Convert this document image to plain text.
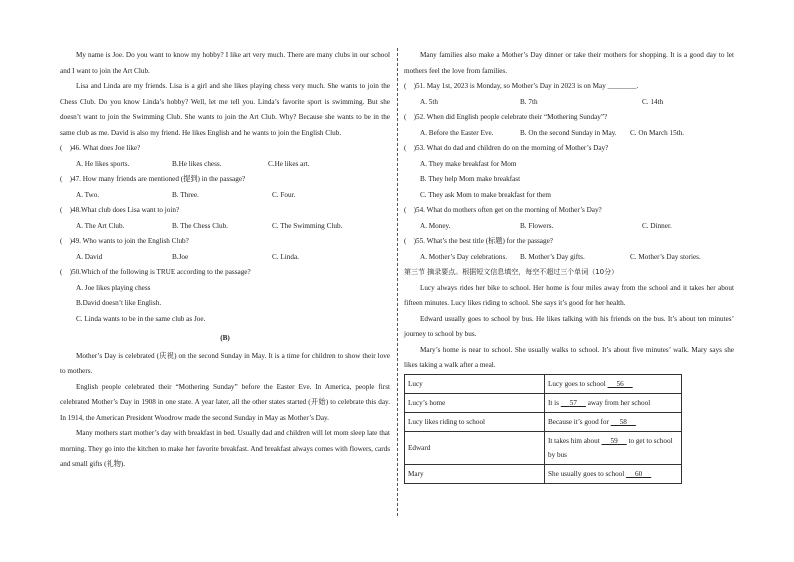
My name is Joe. Do you want to know my hobby? I like art very much. There are many clubs in our school and I want to join the Art Club.

Lisa and Linda are my friends. Lisa is a girl and she likes playing chess very much. She wants to join the Chess Club. Do you know Linda’s hobby? Well, let me tell you. Linda’s favorite sport is swimming. But she doesn’t want to join the Swimming Club. She wants to join the Art Club. Why? Because she wants to be in the same club as me. David is also my friend. He likes English and he wants to join the English Club.

(　)46. What does Joe like?

A. He likes sports.	B.He likes chess.	C.He likes art.

(　)47. How many friends are mentioned (提到) in the passage?

A. Two.	B. Three.	C. Four.

(　)48.What club does Lisa want to join?

A. The Art Club.	B. The Chess Club.	C. The Swimming Club.

(　)49. Who wants to join the English Club?

A. David	B.Joe	C. Linda.

(　)50.Which of the following is TRUE according to the passage?

A. Joe likes playing chess
B.David doesn’t like English.
C. Linda wants to be in the same club as Joe.
(B)

Mother’s Day is celebrated (庆祝) on the second Sunday in May. It is a time for children to show their love to mothers.

English people celebrated their “Mothering Sunday” before the Easter Eve. In America, people first celebrated Mother’s Day in 1908 in one state. A year later, all the other states started (开始) to celebrate this day. In 1914, the American President Woodrow made the second Sunday in May as Mother’s Day.

Many mothers start mother’s day with breakfast in bed. Usually dad and children will let mom sleep late that morning. They go into the kitchen to make her favorite breakfast. And breakfast always comes with flowers, cards and small gifts (礼物).

Many families also make a Mother’s Day dinner or take their mothers for shopping. It is a good day to let mothers feel the love from families.

(　)51. May 1st, 2023 is Monday, so Mother’s Day in 2023 is on May ________.

A. 5th	B. 7th	C. 14th

(　)52. When did English people celebrate their “Mothering Sunday”?

A. Before the Easter Eve.	B. On the second Sunday in May.	C. On March 15th.

(　)53. What do dad and children do on the morning of Mother’s Day?

A. They make breakfast for Mom
B. They help Mom make breakfast
C. They ask Mom to make breakfast for them

(　)54. What do mothers often get on the morning of Mother’s Day?

A. Money.	B. Flowers.	C. Dinner.

(　)55. What’s the best title (标题) for the passage?

A. Mother’s Day celebrations.	B. Mother’s Day gifts.	C. Mother’s Day stories.

第三节 摘录要点。根据短文信息填空，每空不超过三个单词（10分）

Lucy always rides her bike to school. Her home is four miles away from the school and it takes her about fifteen minutes. Lucy likes riding to school. She says it’s good for her health.

Edward usually goes to school by bus. He likes talking with his friends on the bus. It’s about ten minutes’ journey to school by bus.

Mary’s home is near to school. She usually walks to school. It’s about five minutes’ walk. Mary says she likes taking a walk after a meal.

Lucy	Lucy goes to school      56
Lucy’s home	It is      57      away from her school
Lucy likes riding to school	Because it’s good for      58
Edward	It takes him about      59      to get to school by bus
Mary	She usually goes to school      60
